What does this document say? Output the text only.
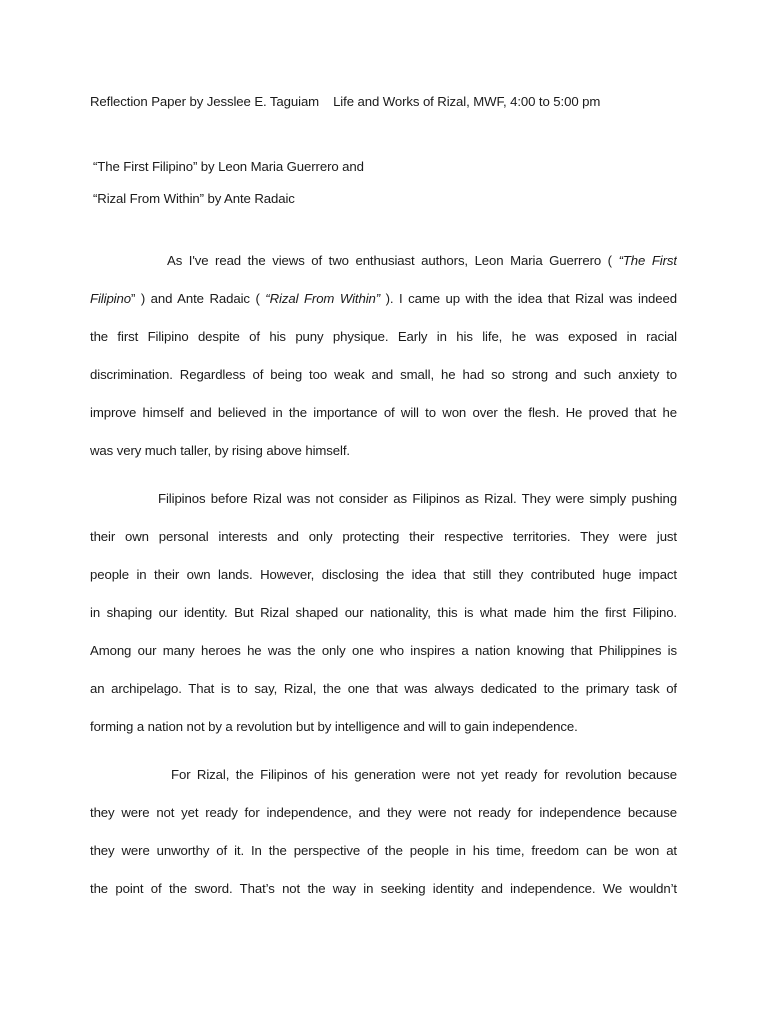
Reflection Paper by Jesslee E. Taguiam Life and Works of Rizal, MWF, 4:00 to 5:00 pm
“The First Filipino” by Leon Maria Guerrero and
“Rizal From Within” by Ante Radaic
As I've read the views of two enthusiast authors, Leon Maria Guerrero ( “The First
Filipino” ) and Ante Radaic ( “Rizal From Within” ). I came up with the idea that Rizal was indeed
the first Filipino despite of his puny physique. Early in his life, he was exposed in racial
discrimination. Regardless of being too weak and small, he had so strong and such anxiety to
improve himself and believed in the importance of will to won over the flesh. He proved that he
was very much taller, by rising above himself.
Filipinos before Rizal was not consider as Filipinos as Rizal. They were simply pushing
their own personal interests and only protecting their respective territories. They were just
people in their own lands. However, disclosing the idea that still they contributed huge impact
in shaping our identity. But Rizal shaped our nationality, this is what made him the first Filipino.
Among our many heroes he was the only one who inspires a nation knowing that Philippines is
an archipelago. That is to say, Rizal, the one that was always dedicated to the primary task of
forming a nation not by a revolution but by intelligence and will to gain independence.
For Rizal, the Filipinos of his generation were not yet ready for revolution because
they were not yet ready for independence, and they were not ready for independence because
they were unworthy of it. In the perspective of the people in his time, freedom can be won at
the point of the sword. That’s not the way in seeking identity and independence. We wouldn’t
